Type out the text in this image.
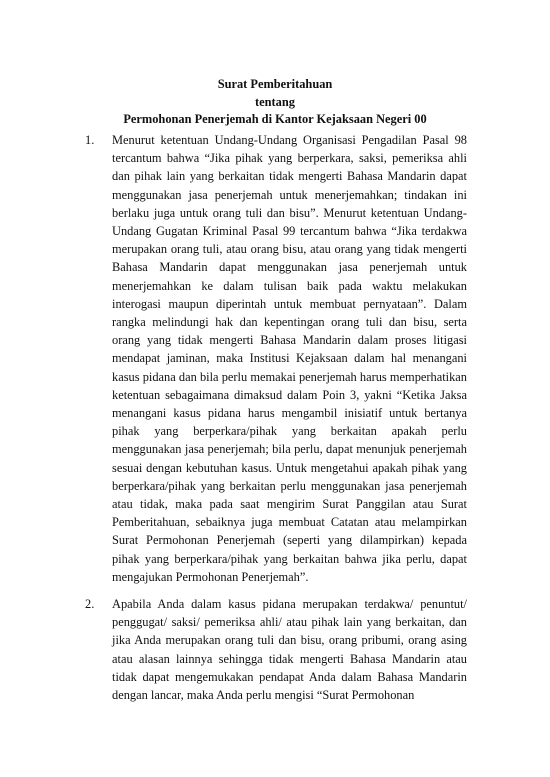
Surat Pemberitahuan
tentang
Permohonan Penerjemah di Kantor Kejaksaan Negeri 00
1. Menurut ketentuan Undang-Undang Organisasi Pengadilan Pasal 98 tercantum bahwa “Jika pihak yang berperkara, saksi, pemeriksa ahli dan pihak lain yang berkaitan tidak mengerti Bahasa Mandarin dapat menggunakan jasa penerjemah untuk menerjemahkan; tindakan ini berlaku juga untuk orang tuli dan bisu”. Menurut ketentuan Undang-Undang Gugatan Kriminal Pasal 99 tercantum bahwa “Jika terdakwa merupakan orang tuli, atau orang bisu, atau orang yang tidak mengerti Bahasa Mandarin dapat menggunakan jasa penerjemah untuk menerjemahkan ke dalam tulisan baik pada waktu melakukan interogasi maupun diperintah untuk membuat pernyataan”. Dalam rangka melindungi hak dan kepentingan orang tuli dan bisu, serta orang yang tidak mengerti Bahasa Mandarin dalam proses litigasi mendapat jaminan, maka Institusi Kejaksaan dalam hal menangani kasus pidana dan bila perlu memakai penerjemah harus memperhatikan ketentuan sebagaimana dimaksud dalam Poin 3, yakni “Ketika Jaksa menangani kasus pidana harus mengambil inisiatif untuk bertanya pihak yang berperkara/pihak yang berkaitan apakah perlu menggunakan jasa penerjemah; bila perlu, dapat menunjuk penerjemah sesuai dengan kebutuhan kasus. Untuk mengetahui apakah pihak yang berperkara/pihak yang berkaitan perlu menggunakan jasa penerjemah atau tidak, maka pada saat mengirim Surat Panggilan atau Surat Pemberitahuan, sebaiknya juga membuat Catatan atau melampirkan Surat Permohonan Penerjemah (seperti yang dilampirkan) kepada pihak yang berperkara/pihak yang berkaitan bahwa jika perlu, dapat mengajukan Permohonan Penerjemah”.
2. Apabila Anda dalam kasus pidana merupakan terdakwa/ penuntut/ penggugat/ saksi/ pemeriksa ahli/ atau pihak lain yang berkaitan, dan jika Anda merupakan orang tuli dan bisu, orang pribumi, orang asing atau alasan lainnya sehingga tidak mengerti Bahasa Mandarin atau tidak dapat mengemukakan pendapat Anda dalam Bahasa Mandarin dengan lancar, maka Anda perlu mengisi “Surat Permohonan
